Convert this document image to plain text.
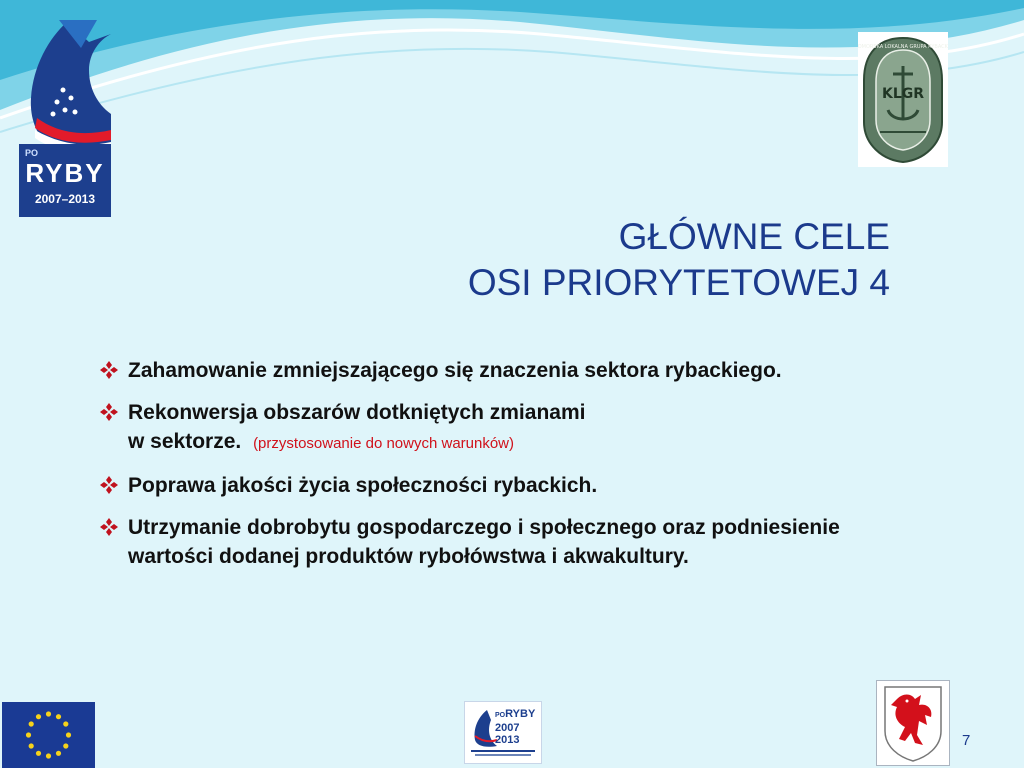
PO
RYBY
2007–2013
POMORSKA LOKALNA GRUPA RYBACKA
KLGR
GŁÓWNE CELE
OSI PRIORYTETOWEJ 4
Zahamowanie zmniejszającego się znaczenia sektora rybackiego.
Rekonwersja obszarów dotkniętych zmianami
w sektorze. (przystosowanie do nowych warunków)
Poprawa jakości życia społeczności rybackich.
Utrzymanie dobrobytu gospodarczego i społecznego oraz podniesienie wartości dodanej produktów rybołówstwa i akwakultury.
PORYBY
2007
2013	7
